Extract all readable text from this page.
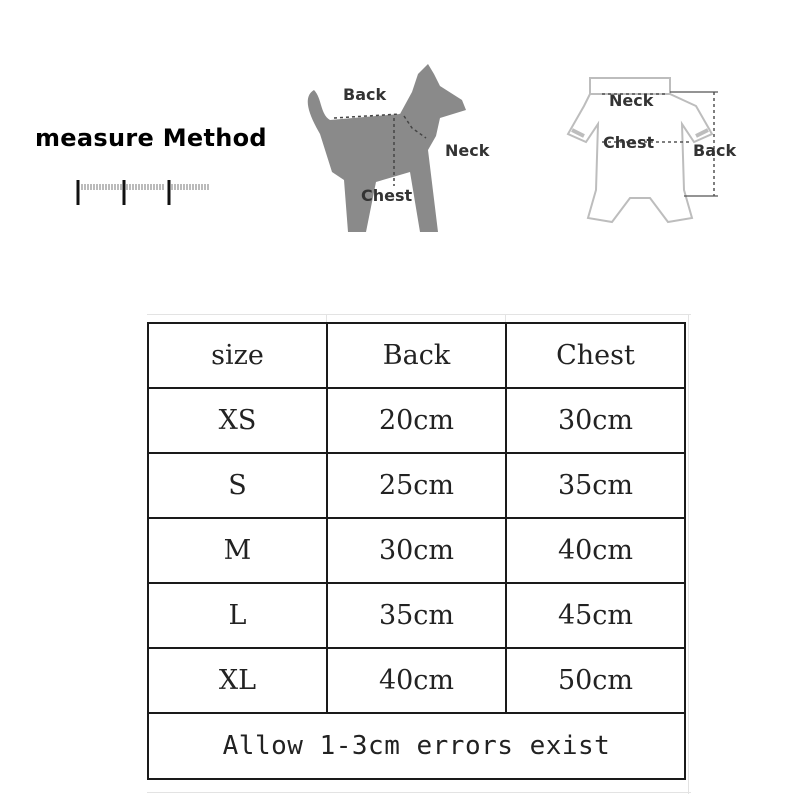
measure Method
Back
Neck
Chest
Neck
Chest Back
size	Back	Chest
XS	20cm	30cm
S	25cm	35cm
M	30cm	40cm
L	35cm	45cm
XL	40cm	50cm
Allow 1-3cm errors exist		
